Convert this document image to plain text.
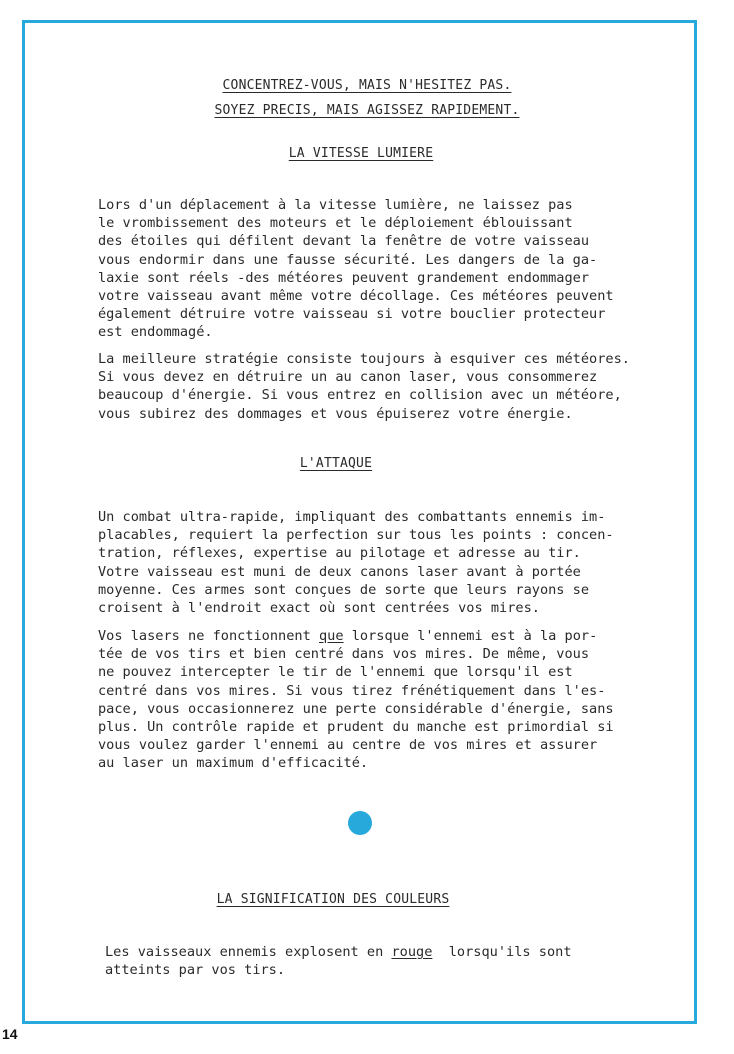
CONCENTREZ-VOUS, MAIS N'HESITEZ PAS.

SOYEZ PRECIS, MAIS AGISSEZ RAPIDEMENT.

LA VITESSE LUMIERE

Lors d'un déplacement à la vitesse lumière, ne laissez pas
le vrombissement des moteurs et le déploiement éblouissant
des étoiles qui défilent devant la fenêtre de votre vaisseau
vous endormir dans une fausse sécurité. Les dangers de la ga-
laxie sont réels -des météores peuvent grandement endommager
votre vaisseau avant même votre décollage. Ces météores peuvent
également détruire votre vaisseau si votre bouclier protecteur
est endommagé.

La meilleure stratégie consiste toujours à esquiver ces météores.
Si vous devez en détruire un au canon laser, vous consommerez
beaucoup d'énergie. Si vous entrez en collision avec un météore,
vous subirez des dommages et vous épuiserez votre énergie.

L'ATTAQUE

Un combat ultra-rapide, impliquant des combattants ennemis im-
placables, requiert la perfection sur tous les points : concen-
tration, réflexes, expertise au pilotage et adresse au tir.
Votre vaisseau est muni de deux canons laser avant à portée
moyenne. Ces armes sont conçues de sorte que leurs rayons se
croisent à l'endroit exact où sont centrées vos mires.

Vos lasers ne fonctionnent que lorsque l'ennemi est à la por-
tée de vos tirs et bien centré dans vos mires. De même, vous
ne pouvez intercepter le tir de l'ennemi que lorsqu'il est
centré dans vos mires. Si vous tirez frénétiquement dans l'es-
pace, vous occasionnerez une perte considérable d'énergie, sans
plus. Un contrôle rapide et prudent du manche est primordial si
vous voulez garder l'ennemi au centre de vos mires et assurer
au laser un maximum d'efficacité.

LA SIGNIFICATION DES COULEURS

Les vaisseaux ennemis explosent en rouge  lorsqu'ils sont
atteints par vos tirs.

14
